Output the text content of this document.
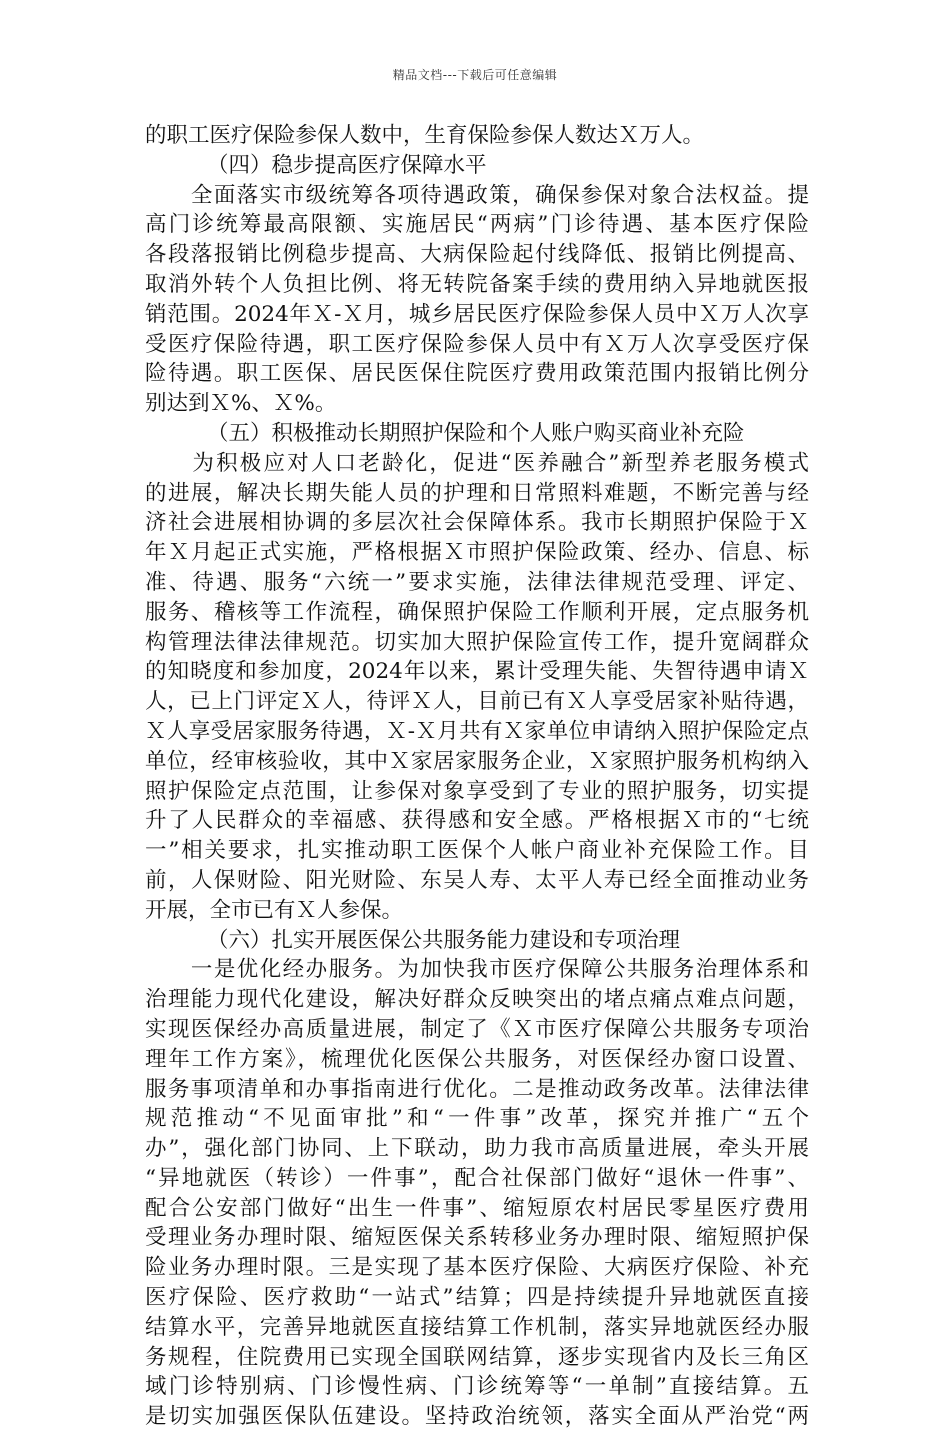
精品文档---下载后可任意编辑
的职工医疗保险参保人数中，生育保险参保人数达Ｘ万人。
（四）稳步提高医疗保障水平
　　全面落实市级统筹各项待遇政策，确保参保对象合法权益。提
高门诊统筹最高限额、实施居民“两病”门诊待遇、基本医疗保险
各段落报销比例稳步提高、大病保险起付线降低、报销比例提高、
取消外转个人负担比例、将无转院备案手续的费用纳入异地就医报
销范围。2024年Ｘ-Ｘ月，城乡居民医疗保险参保人员中Ｘ万人次享
受医疗保险待遇，职工医疗保险参保人员中有Ｘ万人次享受医疗保
险待遇。职工医保、居民医保住院医疗费用政策范围内报销比例分
别达到Ｘ%、Ｘ%。
（五）积极推动长期照护保险和个人账户购买商业补充险
　　为积极应对人口老龄化，促进“医养融合”新型养老服务模式
的进展，解决长期失能人员的护理和日常照料难题，不断完善与经
济社会进展相协调的多层次社会保障体系。我市长期照护保险于Ｘ
年Ｘ月起正式实施，严格根据Ｘ市照护保险政策、经办、信息、标
准、待遇、服务“六统一”要求实施，法律法律规范受理、评定、
服务、稽核等工作流程，确保照护保险工作顺利开展，定点服务机
构管理法律法律规范。切实加大照护保险宣传工作，提升宽阔群众
的知晓度和参加度，2024年以来，累计受理失能、失智待遇申请Ｘ
人，已上门评定Ｘ人，待评Ｘ人，目前已有Ｘ人享受居家补贴待遇，
Ｘ人享受居家服务待遇，Ｘ-Ｘ月共有Ｘ家单位申请纳入照护保险定点
单位，经审核验收，其中Ｘ家居家服务企业，Ｘ家照护服务机构纳入
照护保险定点范围，让参保对象享受到了专业的照护服务，切实提
升了人民群众的幸福感、获得感和安全感。严格根据Ｘ市的“七统
一”相关要求，扎实推动职工医保个人帐户商业补充保险工作。目
前，人保财险、阳光财险、东吴人寿、太平人寿已经全面推动业务
开展，全市已有Ｘ人参保。
（六）扎实开展医保公共服务能力建设和专项治理
　　一是优化经办服务。为加快我市医疗保障公共服务治理体系和
治理能力现代化建设，解决好群众反映突出的堵点痛点难点问题，
实现医保经办高质量进展，制定了《Ｘ市医疗保障公共服务专项治
理年工作方案》，梳理优化医保公共服务，对医保经办窗口设置、
服务事项清单和办事指南进行优化。二是推动政务改革。法律法律
规范推动“不见面审批”和“一件事”改革，探究并推广“五个
办”，强化部门协同、上下联动，助力我市高质量进展，牵头开展
“异地就医（转诊）一件事”，配合社保部门做好“退休一件事”、
配合公安部门做好“出生一件事”、缩短原农村居民零星医疗费用
受理业务办理时限、缩短医保关系转移业务办理时限、缩短照护保
险业务办理时限。三是实现了基本医疗保险、大病医疗保险、补充
医疗保险、医疗救助“一站式”结算；四是持续提升异地就医直接
结算水平，完善异地就医直接结算工作机制，落实异地就医经办服
务规程，住院费用已实现全国联网结算，逐步实现省内及长三角区
域门诊特别病、门诊慢性病、门诊统筹等“一单制”直接结算。五
是切实加强医保队伍建设。坚持政治统领，落实全面从严治党“两
